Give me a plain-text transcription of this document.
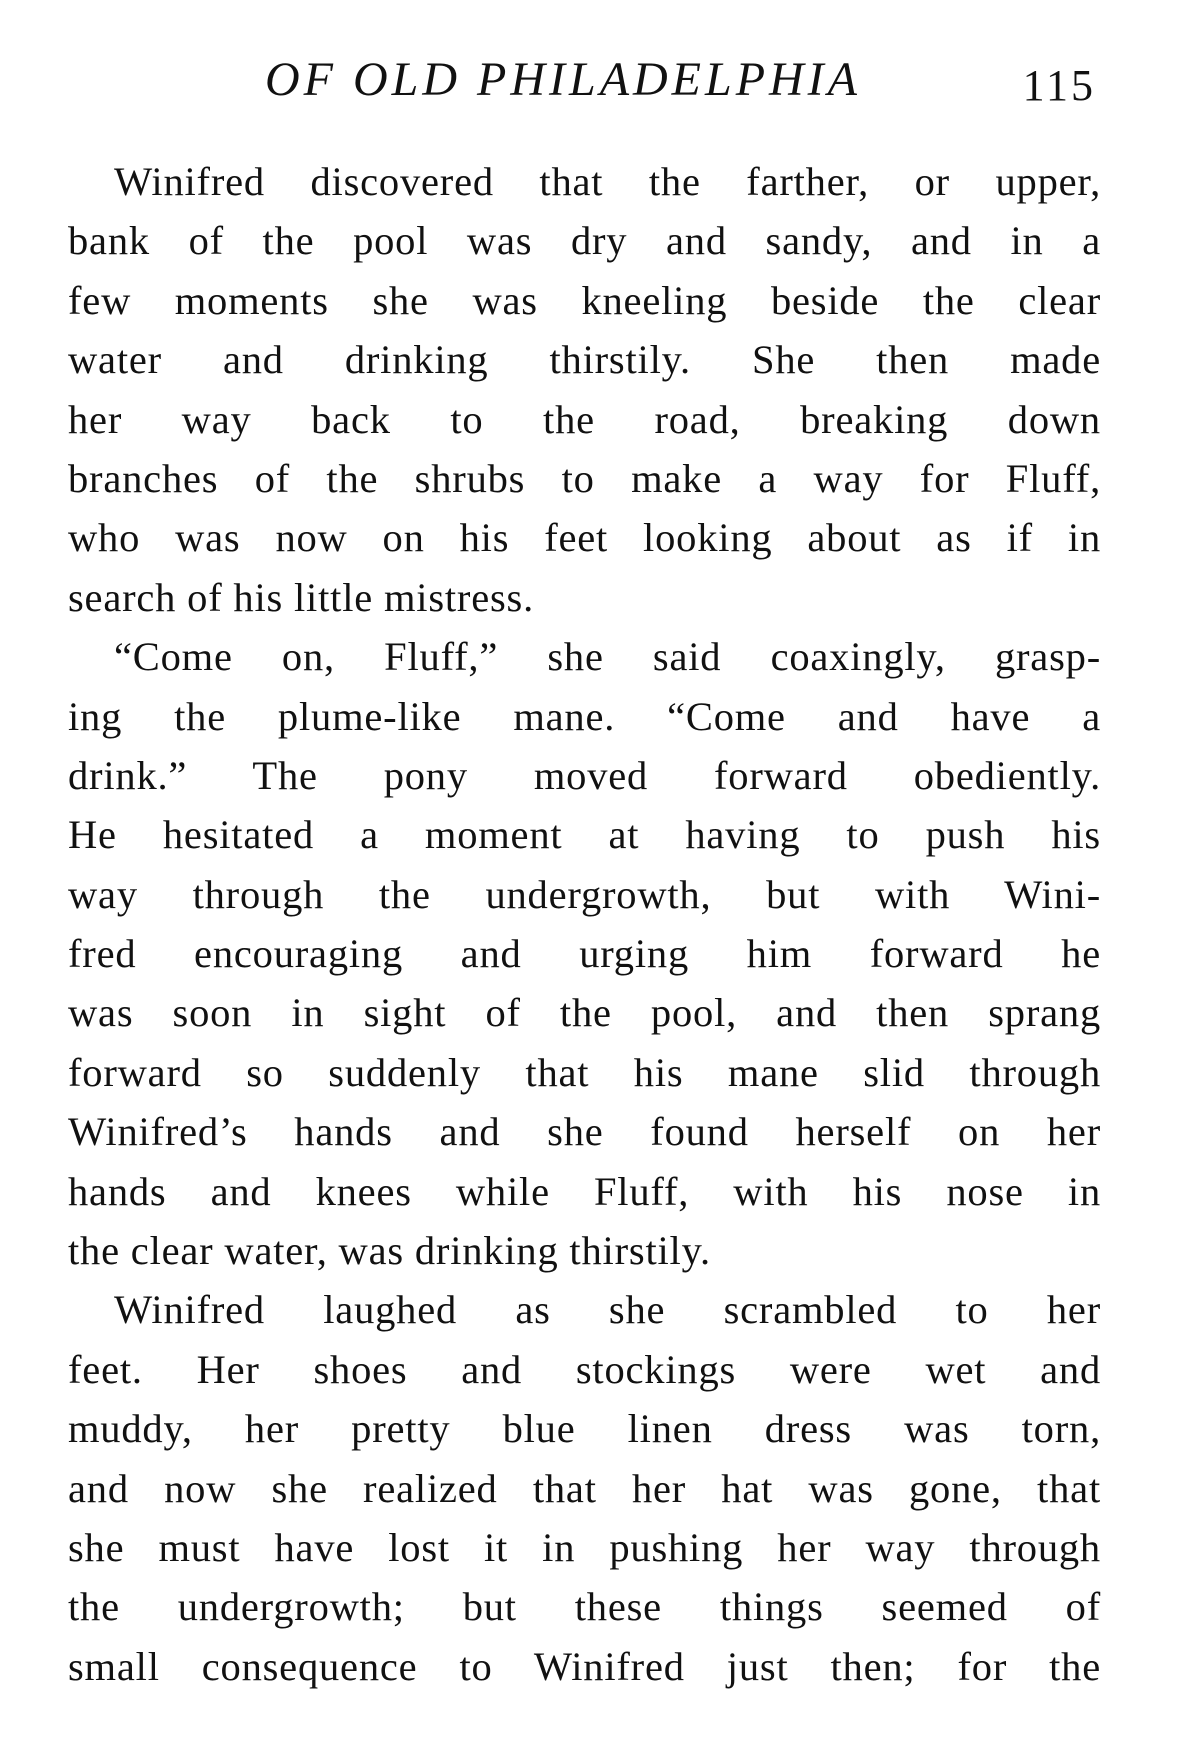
OF OLD PHILADELPHIA	115
Winifred discovered that the farther, or upper,
bank of the pool was dry and sandy, and in a
few moments she was kneeling beside the clear
water and drinking thirstily. She then made
her way back to the road, breaking down
branches of the shrubs to make a way for Fluff,
who was now on his feet looking about as if in
search of his little mistress.
“Come on, Fluff,” she said coaxingly, grasp-
ing the plume-like mane. “Come and have a
drink.” The pony moved forward obediently.
He hesitated a moment at having to push his
way through the undergrowth, but with Wini-
fred encouraging and urging him forward he
was soon in sight of the pool, and then sprang
forward so suddenly that his mane slid through
Winifred’s hands and she found herself on her
hands and knees while Fluff, with his nose in
the clear water, was drinking thirstily.
Winifred laughed as she scrambled to her
feet. Her shoes and stockings were wet and
muddy, her pretty blue linen dress was torn,
and now she realized that her hat was gone, that
she must have lost it in pushing her way through
the undergrowth; but these things seemed of
small consequence to Winifred just then; for the
